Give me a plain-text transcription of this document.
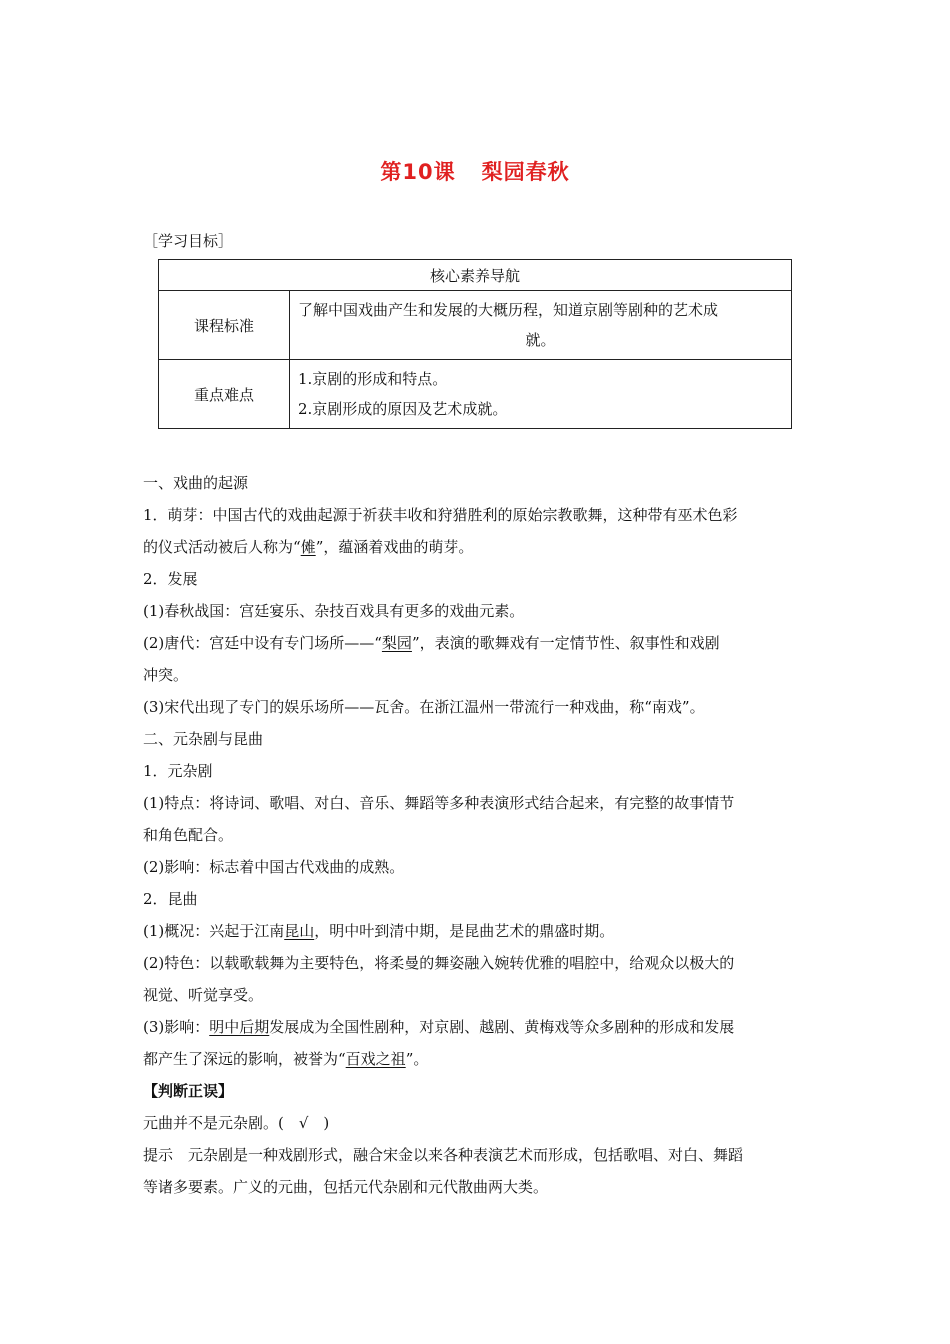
第10课 梨园春秋
［学习目标］
核心素养导航	
课程标准	了解中国戏曲产生和发展的大概历程，知道京剧等剧种的艺术成
就。

重点难点	1.京剧的形成和特点。
2.京剧形成的原因及艺术成就。

一、戏曲的起源

1．萌芽：中国古代的戏曲起源于祈获丰收和狩猎胜利的原始宗教歌舞，这种带有巫术色彩

的仪式活动被后人称为“傩”，蕴涵着戏曲的萌芽。

2．发展

(1)春秋战国：宫廷宴乐、杂技百戏具有更多的戏曲元素。

(2)唐代：宫廷中设有专门场所——“梨园”，表演的歌舞戏有一定情节性、叙事性和戏剧

冲突。

(3)宋代出现了专门的娱乐场所——瓦舍。在浙江温州一带流行一种戏曲，称“南戏”。

二、元杂剧与昆曲

1．元杂剧

(1)特点：将诗词、歌唱、对白、音乐、舞蹈等多种表演形式结合起来，有完整的故事情节

和角色配合。

(2)影响：标志着中国古代戏曲的成熟。

2．昆曲

(1)概况：兴起于江南昆山，明中叶到清中期，是昆曲艺术的鼎盛时期。

(2)特色：以载歌载舞为主要特色，将柔曼的舞姿融入婉转优雅的唱腔中，给观众以极大的

视觉、听觉享受。

(3)影响：明中后期发展成为全国性剧种，对京剧、越剧、黄梅戏等众多剧种的形成和发展

都产生了深远的影响，被誉为“百戏之祖”。

【判断正误】

元曲并不是元杂剧。(　√　)

提示　元杂剧是一种戏剧形式，融合宋金以来各种表演艺术而形成，包括歌唱、对白、舞蹈

等诸多要素。广义的元曲，包括元代杂剧和元代散曲两大类。
